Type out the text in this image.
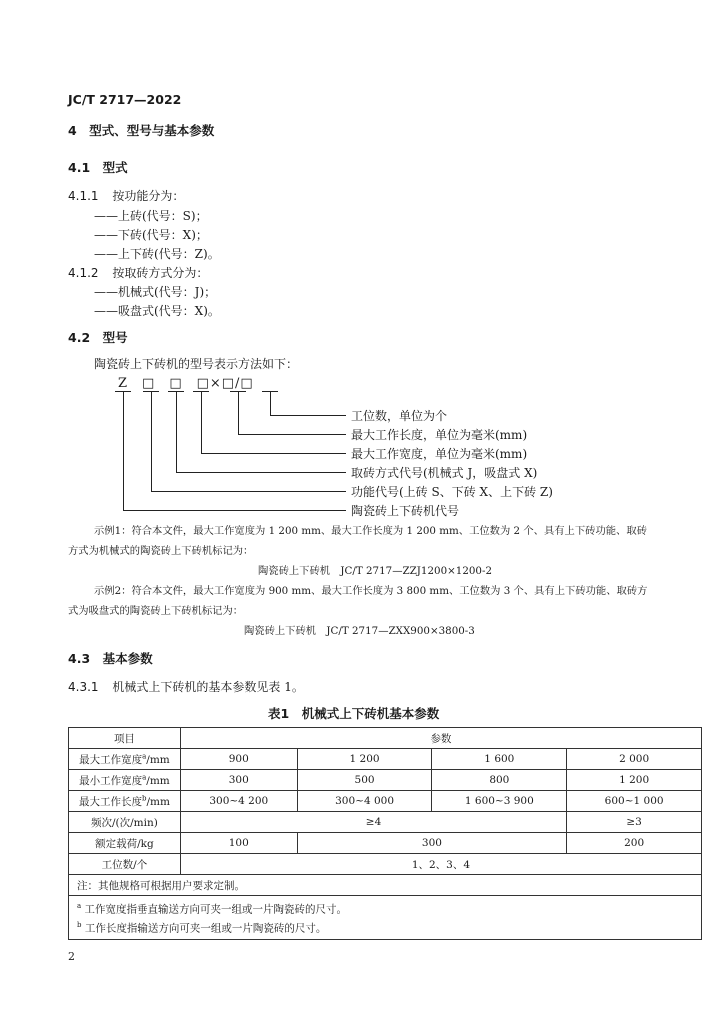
JC/T 2717—2022
4　型式、型号与基本参数
4.1　型式
4.1.1 按功能分为：
——上砖(代号：S)；
——下砖(代号：X)；
——上下砖(代号：Z)。
4.1.2 按取砖方式分为：
——机械式(代号：J)；
——吸盘式(代号：X)。
4.2　型号
陶瓷砖上下砖机的型号表示方法如下：
Z　□　□　□×□/□
工位数，单位为个
最大工作长度，单位为毫米(mm)
最大工作宽度，单位为毫米(mm)
取砖方式代号(机械式 J，吸盘式 X)
功能代号(上砖 S、下砖 X、上下砖 Z)
陶瓷砖上下砖机代号
示例1：符合本文件，最大工作宽度为 1 200 mm、最大工作长度为 1 200 mm、工位数为 2 个、具有上下砖功能、取砖
方式为机械式的陶瓷砖上下砖机标记为：
陶瓷砖上下砖机　JC/T 2717—ZZJ1200×1200-2
示例2：符合本文件，最大工作宽度为 900 mm、最大工作长度为 3 800 mm、工位数为 3 个、具有上下砖功能、取砖方
式为吸盘式的陶瓷砖上下砖机标记为：
陶瓷砖上下砖机　JC/T 2717—ZXX900×3800-3
4.3　基本参数
4.3.1 机械式上下砖机的基本参数见表 1。
表1　机械式上下砖机基本参数
项目	参数			
最大工作宽度$^a$/mm	900	1 200	1 600	2 000
最小工作宽度$^a$/mm	300	500	800	1 200
最大工作长度$^b$/mm	300~4 200	300~4 000	1 600~3 900	600~1 000
频次/(次/min)	≥4			≥3
额定载荷/kg	100	300		200
工位数/个	1、2、3、4			
注：其他规格可根据用户要求定制。				

$^a$ 工作宽度指垂直输送方向可夹一组或一片陶瓷砖的尺寸。
$^b$ 工作长度指输送方向可夹一组或一片陶瓷砖的尺寸。				
2
